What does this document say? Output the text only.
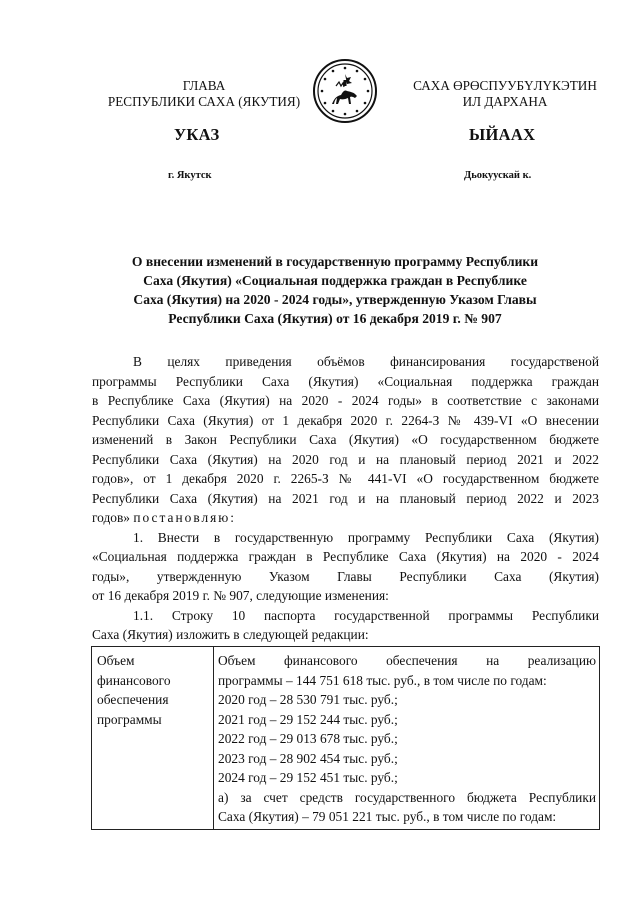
ГЛАВА
РЕСПУБЛИКИ САХА (ЯКУТИЯ)
САХА ӨРӨСПУУБҮЛҮКЭТИН
ИЛ ДАРХАНА
УКАЗ	ЫЙААХ
г. Якутск	Дьокуускай к.
О внесении изменений в государственную программу Республики
Саха (Якутия) «Социальная поддержка граждан в Республике
Саха (Якутия) на 2020 - 2024 годы», утвержденную Указом Главы
Республики Саха (Якутия) от 16 декабря 2019 г. № 907
В целях приведения объёмов финансирования государственой
программы Республики Саха (Якутия) «Социальная поддержка граждан
в Республике Саха (Якутия) на 2020 - 2024 годы» в соответствие с законами
Республики Саха (Якутия) от 1 декабря 2020 г. 2264-З № 439-VI «О внесении
изменений в Закон Республики Саха (Якутия) «О государственном бюджете
Республики Саха (Якутия) на 2020 год и на плановый период 2021 и 2022
годов», от 1 декабря 2020 г. 2265-З № 441-VI «О государственном бюджете
Республики Саха (Якутия) на 2021 год и на плановый период 2022 и 2023
годов» постановляю:
1. Внести в государственную программу Республики Саха (Якутия)
«Социальная поддержка граждан в Республике Саха (Якутия) на 2020 - 2024
годы», утвержденную Указом Главы Республики Саха (Якутия)
от 16 декабря 2019 г. № 907, следующие изменения:
1.1. Строку 10 паспорта государственной программы Республики
Саха (Якутия) изложить в следующей редакции:
Объем
финансового
обеспечения
программы
Объем финансового обеспечения на реализацию
программы – 144 751 618 тыс. руб., в том числе по годам:
2020 год – 28 530 791 тыс. руб.;
2021 год – 29 152 244 тыс. руб.;
2022 год – 29 013 678 тыс. руб.;
2023 год – 28 902 454 тыс. руб.;
2024 год – 29 152 451 тыс. руб.;
а) за счет средств государственного бюджета Республики
Саха (Якутия) – 79 051 221 тыс. руб., в том числе по годам:
